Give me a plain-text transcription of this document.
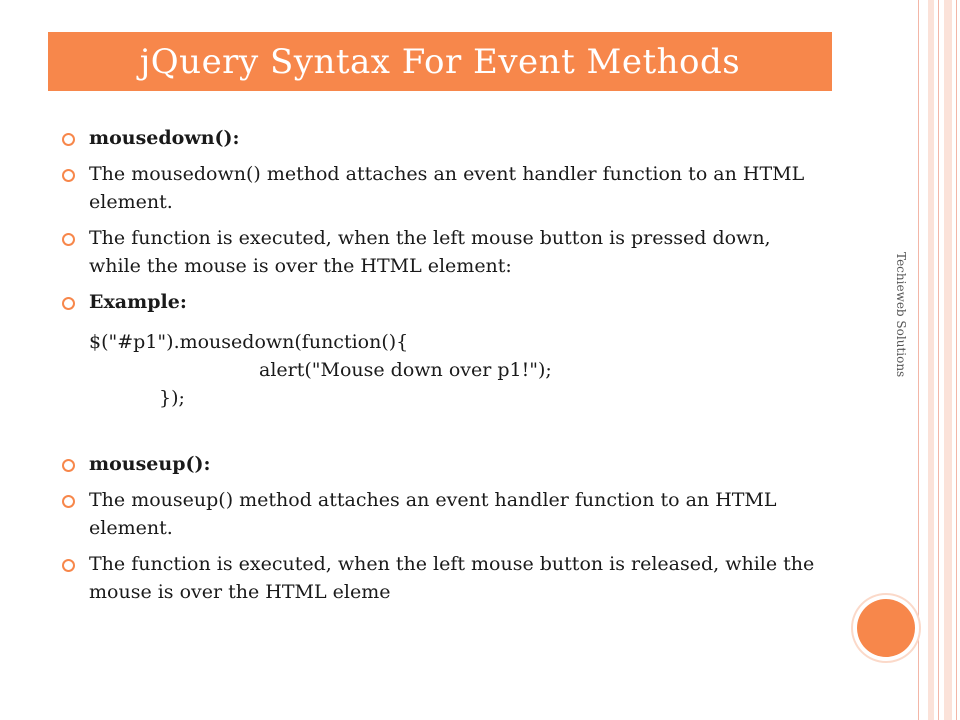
jQuery Syntax For Event Methods
mousedown():
The mousedown() method attaches an event handler function to an HTML element.
The function is executed, when the left mouse button is pressed down, while the mouse is over the HTML element:
Example:
$("#p1").mousedown(function(){
alert("Mouse down over p1!");
});
mouseup():
The mouseup() method attaches an event handler function to an HTML element.
The function is executed, when the left mouse button is released, while the mouse is over the HTML eleme
Techieweb Solutions
